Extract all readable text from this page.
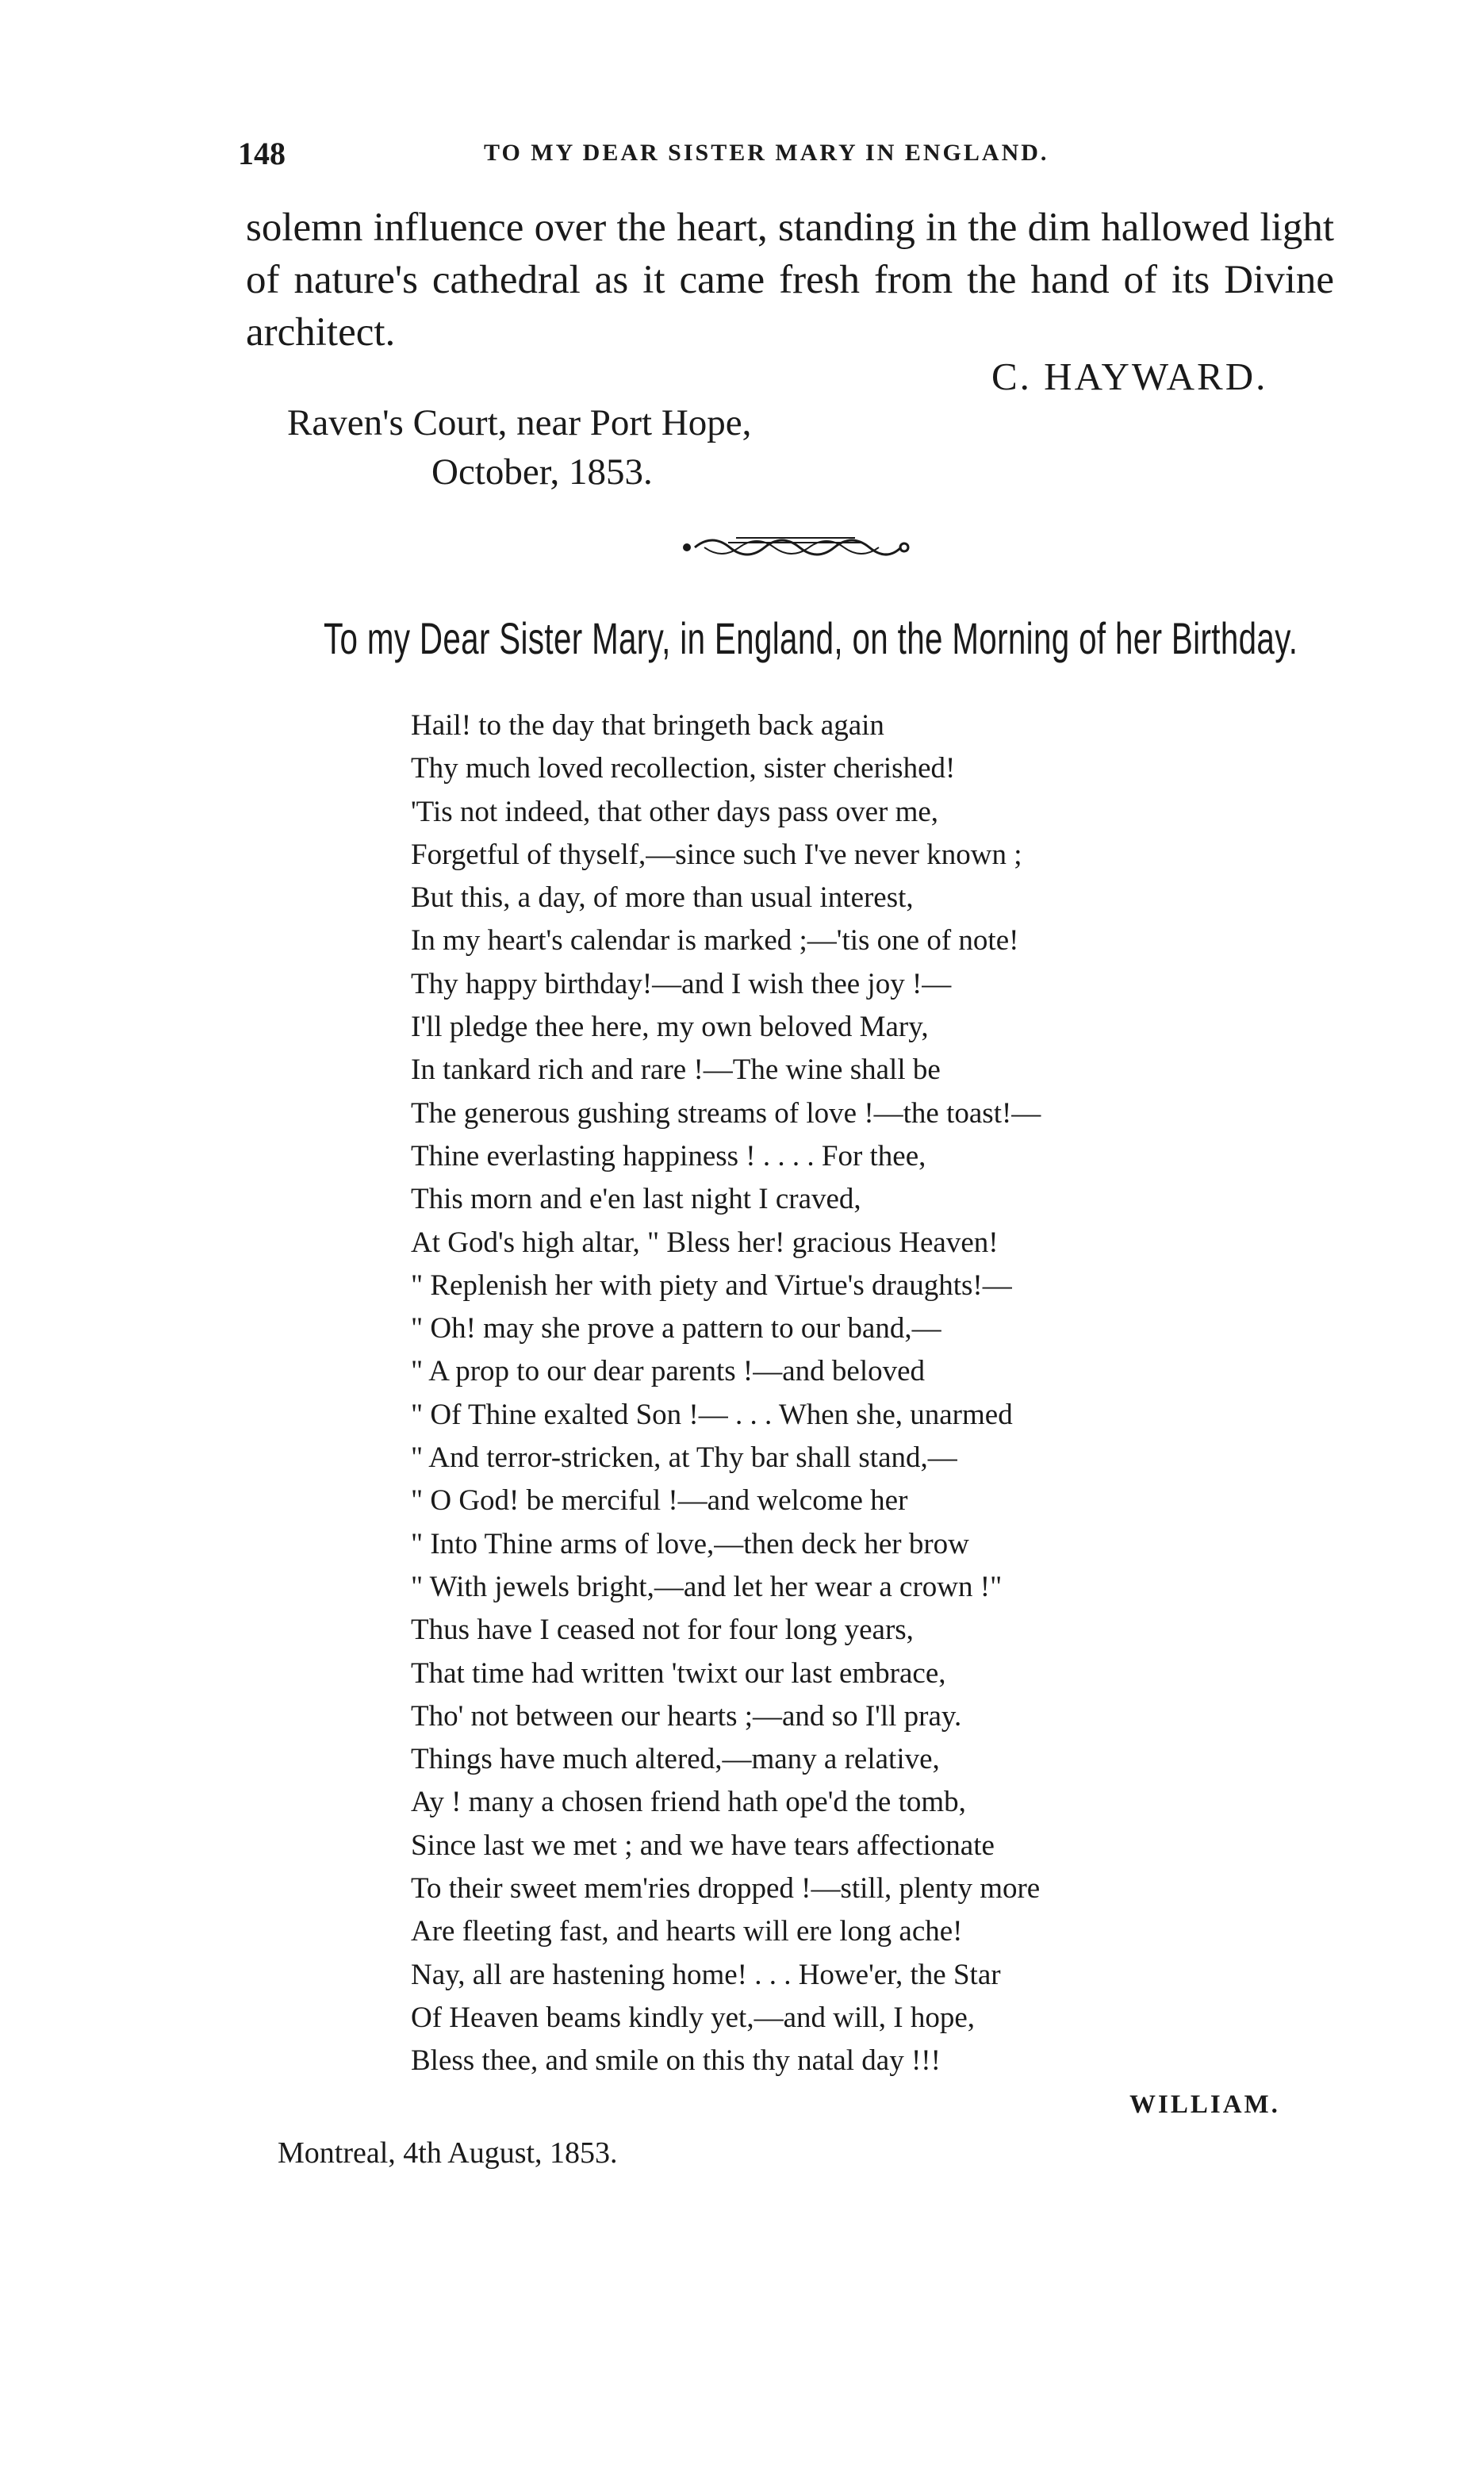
148	TO MY DEAR SISTER MARY IN ENGLAND.

solemn influence over the heart, standing in the dim hallowed light of nature's cathedral as it came fresh from the hand of its Divine architect.

C. HAYWARD.
Raven's Court, near Port Hope,
October, 1853.
To my Dear Sister Mary, in England, on the Morning of her Birthday.
Hail! to the day that bringeth back again
Thy much loved recollection, sister cherished!
'Tis not indeed, that other days pass over me,
Forgetful of thyself,—since such I've never known ;
But this, a day, of more than usual interest,
In my heart's calendar is marked ;—'tis one of note!
Thy happy birthday!—and I wish thee joy !—
I'll pledge thee here, my own beloved Mary,
In tankard rich and rare !—The wine shall be
The generous gushing streams of love !—the toast!—
Thine everlasting happiness ! . . . . For thee,
This morn and e'en last night I craved,
At God's high altar, " Bless her! gracious Heaven!
" Replenish her with piety and Virtue's draughts!—
" Oh! may she prove a pattern to our band,—
" A prop to our dear parents !—and beloved
" Of Thine exalted Son !— . . . When she, unarmed
" And terror-stricken, at Thy bar shall stand,—
" O God! be merciful !—and welcome her
" Into Thine arms of love,—then deck her brow
" With jewels bright,—and let her wear a crown !"
Thus have I ceased not for four long years,
That time had written 'twixt our last embrace,
Tho' not between our hearts ;—and so I'll pray.
Things have much altered,—many a relative,
Ay ! many a chosen friend hath ope'd the tomb,
Since last we met ; and we have tears affectionate
To their sweet mem'ries dropped !—still, plenty more
Are fleeting fast, and hearts will ere long ache!
Nay, all are hastening home! . . . Howe'er, the Star
Of Heaven beams kindly yet,—and will, I hope,
Bless thee, and smile on this thy natal day !!!
WILLIAM.
Montreal, 4th August, 1853.
